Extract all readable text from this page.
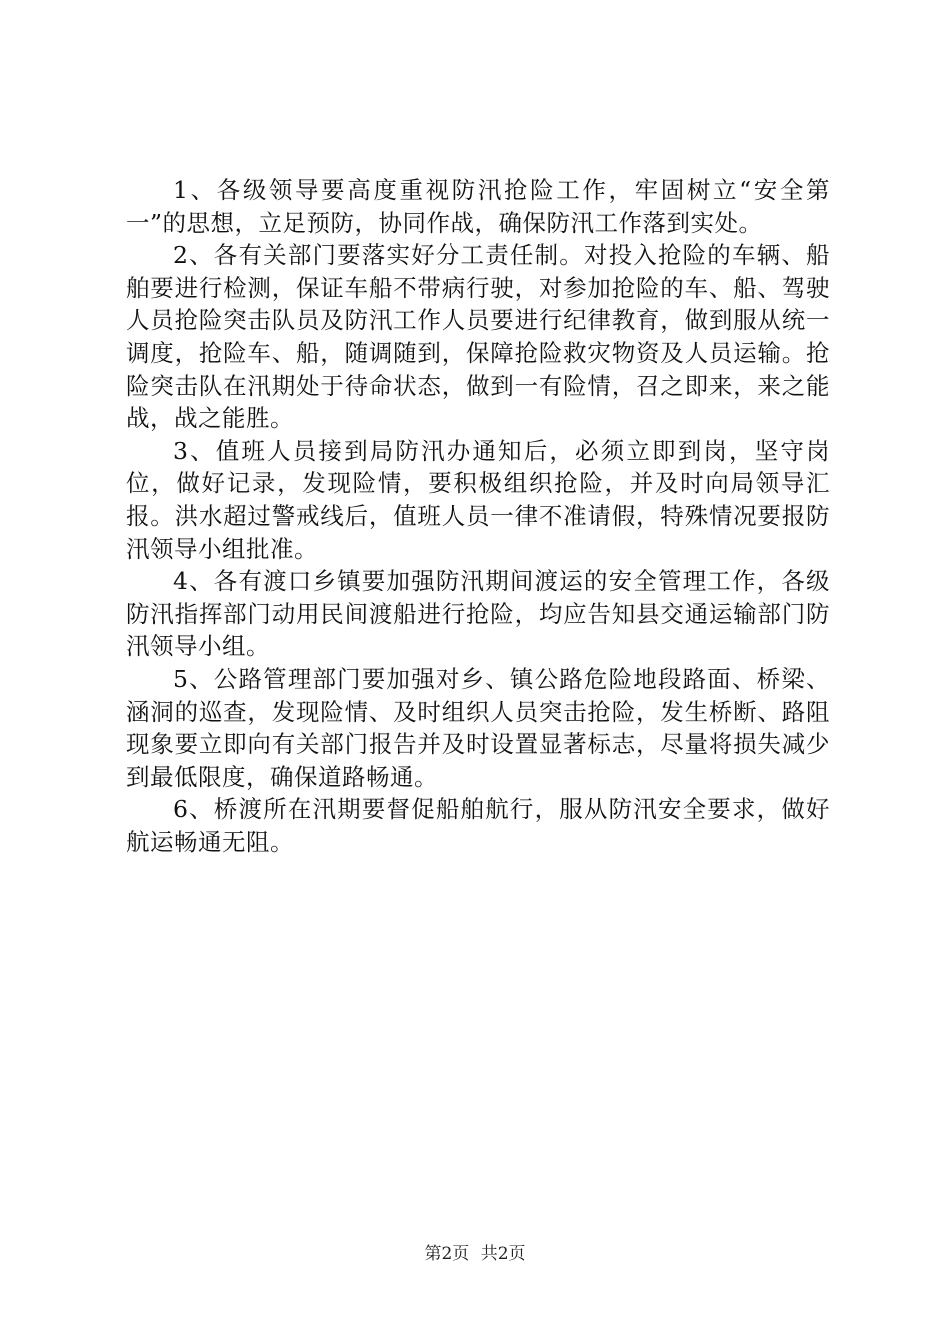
1、各级领导要高度重视防汛抢险工作，牢固树立“安全第一”的思想，立足预防，协同作战，确保防汛工作落到实处。

2、各有关部门要落实好分工责任制。对投入抢险的车辆、船舶要进行检测，保证车船不带病行驶，对参加抢险的车、船、驾驶人员抢险突击队员及防汛工作人员要进行纪律教育，做到服从统一调度，抢险车、船，随调随到，保障抢险救灾物资及人员运输。抢险突击队在汛期处于待命状态，做到一有险情，召之即来，来之能战，战之能胜。

3、值班人员接到局防汛办通知后，必须立即到岗，坚守岗位，做好记录，发现险情，要积极组织抢险，并及时向局领导汇报。洪水超过警戒线后，值班人员一律不准请假，特殊情况要报防汛领导小组批准。

4、各有渡口乡镇要加强防汛期间渡运的安全管理工作，各级防汛指挥部门动用民间渡船进行抢险，均应告知县交通运输部门防汛领导小组。

5、公路管理部门要加强对乡、镇公路危险地段路面、桥梁、涵洞的巡查，发现险情、及时组织人员突击抢险，发生桥断、路阻现象要立即向有关部门报告并及时设置显著标志，尽量将损失减少到最低限度，确保道路畅通。

6、桥渡所在汛期要督促船舶航行，服从防汛安全要求，做好航运畅通无阻。

第2页 共2页
